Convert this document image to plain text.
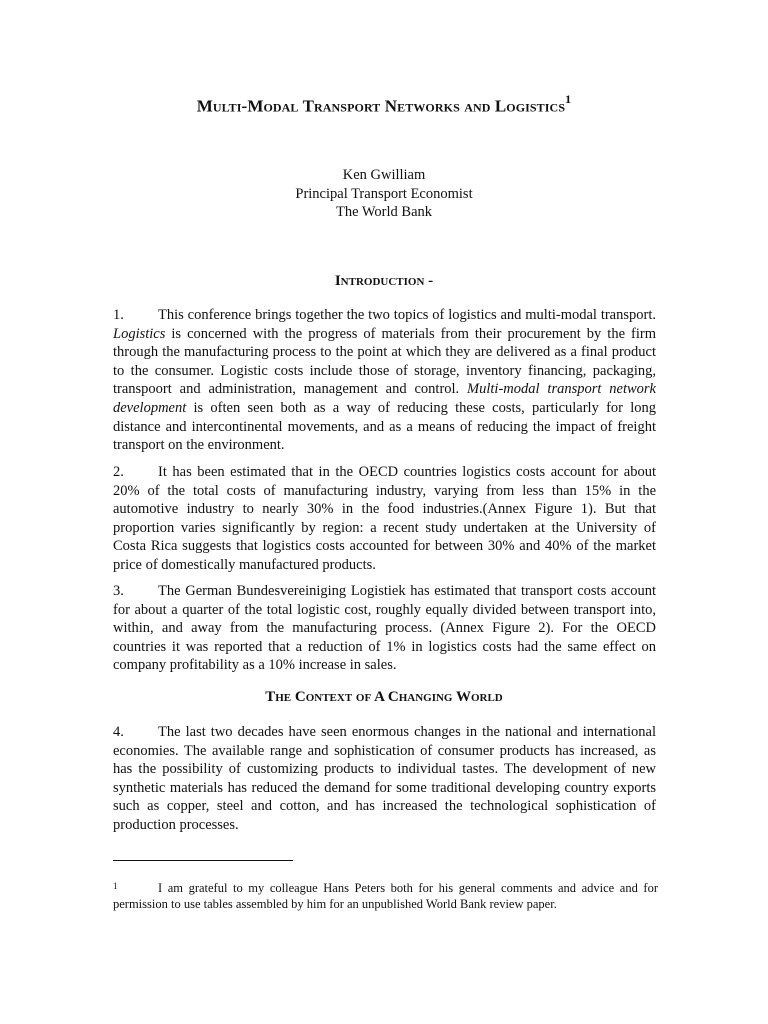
Multi-Modal Transport Networks and Logistics$^1$
Ken Gwilliam
Principal Transport Economist
The World Bank
Introduction -
1. This conference brings together the two topics of logistics and multi-modal transport. Logistics is concerned with the progress of materials from their procurement by the firm through the manufacturing process to the point at which they are delivered as a final product to the consumer. Logistic costs include those of storage, inventory financing, packaging, transpoort and administration, management and control. Multi-modal transport network development is often seen both as a way of reducing these costs, particularly for long distance and intercontinental movements, and as a means of reducing the impact of freight transport on the environment.
2. It has been estimated that in the OECD countries logistics costs account for about 20% of the total costs of manufacturing industry, varying from less than 15% in the automotive industry to nearly 30% in the food industries.(Annex Figure 1). But that proportion varies significantly by region: a recent study undertaken at the University of Costa Rica suggests that logistics costs accounted for between 30% and 40% of the market price of domestically manufactured products.
3. The German Bundesvereiniging Logistiek has estimated that transport costs account for about a quarter of the total logistic cost, roughly equally divided between transport into, within, and away from the manufacturing process. (Annex Figure 2). For the OECD countries it was reported that a reduction of 1% in logistics costs had the same effect on company profitability as a 10% increase in sales.
The Context of A Changing World
4. The last two decades have seen enormous changes in the national and international economies. The available range and sophistication of consumer products has increased, as has the possibility of customizing products to individual tastes. The development of new synthetic materials has reduced the demand for some traditional developing country exports such as copper, steel and cotton, and has increased the technological sophistication of production processes.
1	I am grateful to my colleague Hans Peters both for his general comments and advice and for permission to use tables assembled by him for an unpublished World Bank review paper.
